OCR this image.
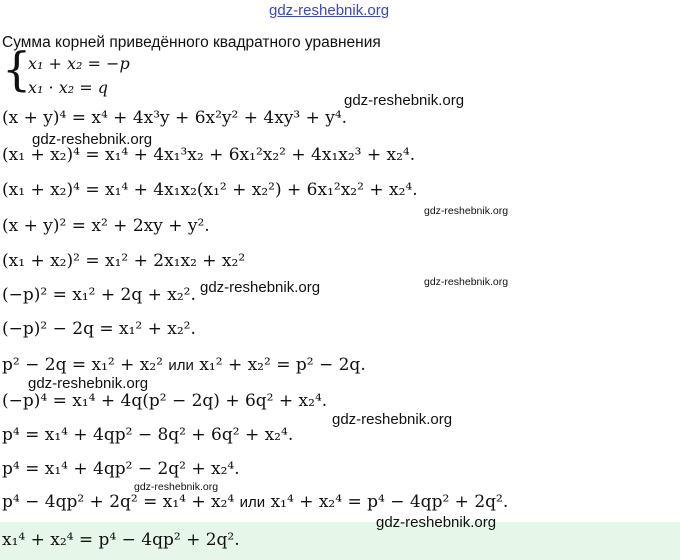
gdz-reshebnik.org
Сумма корней приведённого квадратного уравнения
{
x₁ + x₂ = −p
x₁ · x₂ = q
(x + y)⁴ = x⁴ + 4x³y + 6x²y² + 4xy³ + y⁴.
(x₁ + x₂)⁴ = x₁⁴ + 4x₁³x₂ + 6x₁²x₂² + 4x₁x₂³ + x₂⁴.
(x₁ + x₂)⁴ = x₁⁴ + 4x₁x₂(x₁² + x₂²) + 6x₁²x₂² + x₂⁴.
(x + y)² = x² + 2xy + y².
(x₁ + x₂)² = x₁² + 2x₁x₂ + x₂²
(−p)² = x₁² + 2q + x₂².
(−p)² − 2q = x₁² + x₂².
p² − 2q = x₁² + x₂² или x₁² + x₂² = p² − 2q.
(−p)⁴ = x₁⁴ + 4q(p² − 2q) + 6q² + x₂⁴.
p⁴ = x₁⁴ + 4qp² − 8q² + 6q² + x₂⁴.
p⁴ = x₁⁴ + 4qp² − 2q² + x₂⁴.
p⁴ − 4qp² + 2q² = x₁⁴ + x₂⁴ или x₁⁴ + x₂⁴ = p⁴ − 4qp² + 2q².
x₁⁴ + x₂⁴ = p⁴ − 4qp² + 2q².
gdz-reshebnik.org
gdz-reshebnik.org
gdz-reshebnik.org
gdz-reshebnik.org
gdz-reshebnik.org
gdz-reshebnik.org
gdz-reshebnik.org
gdz-reshebnik.org
gdz-reshebnik.org
